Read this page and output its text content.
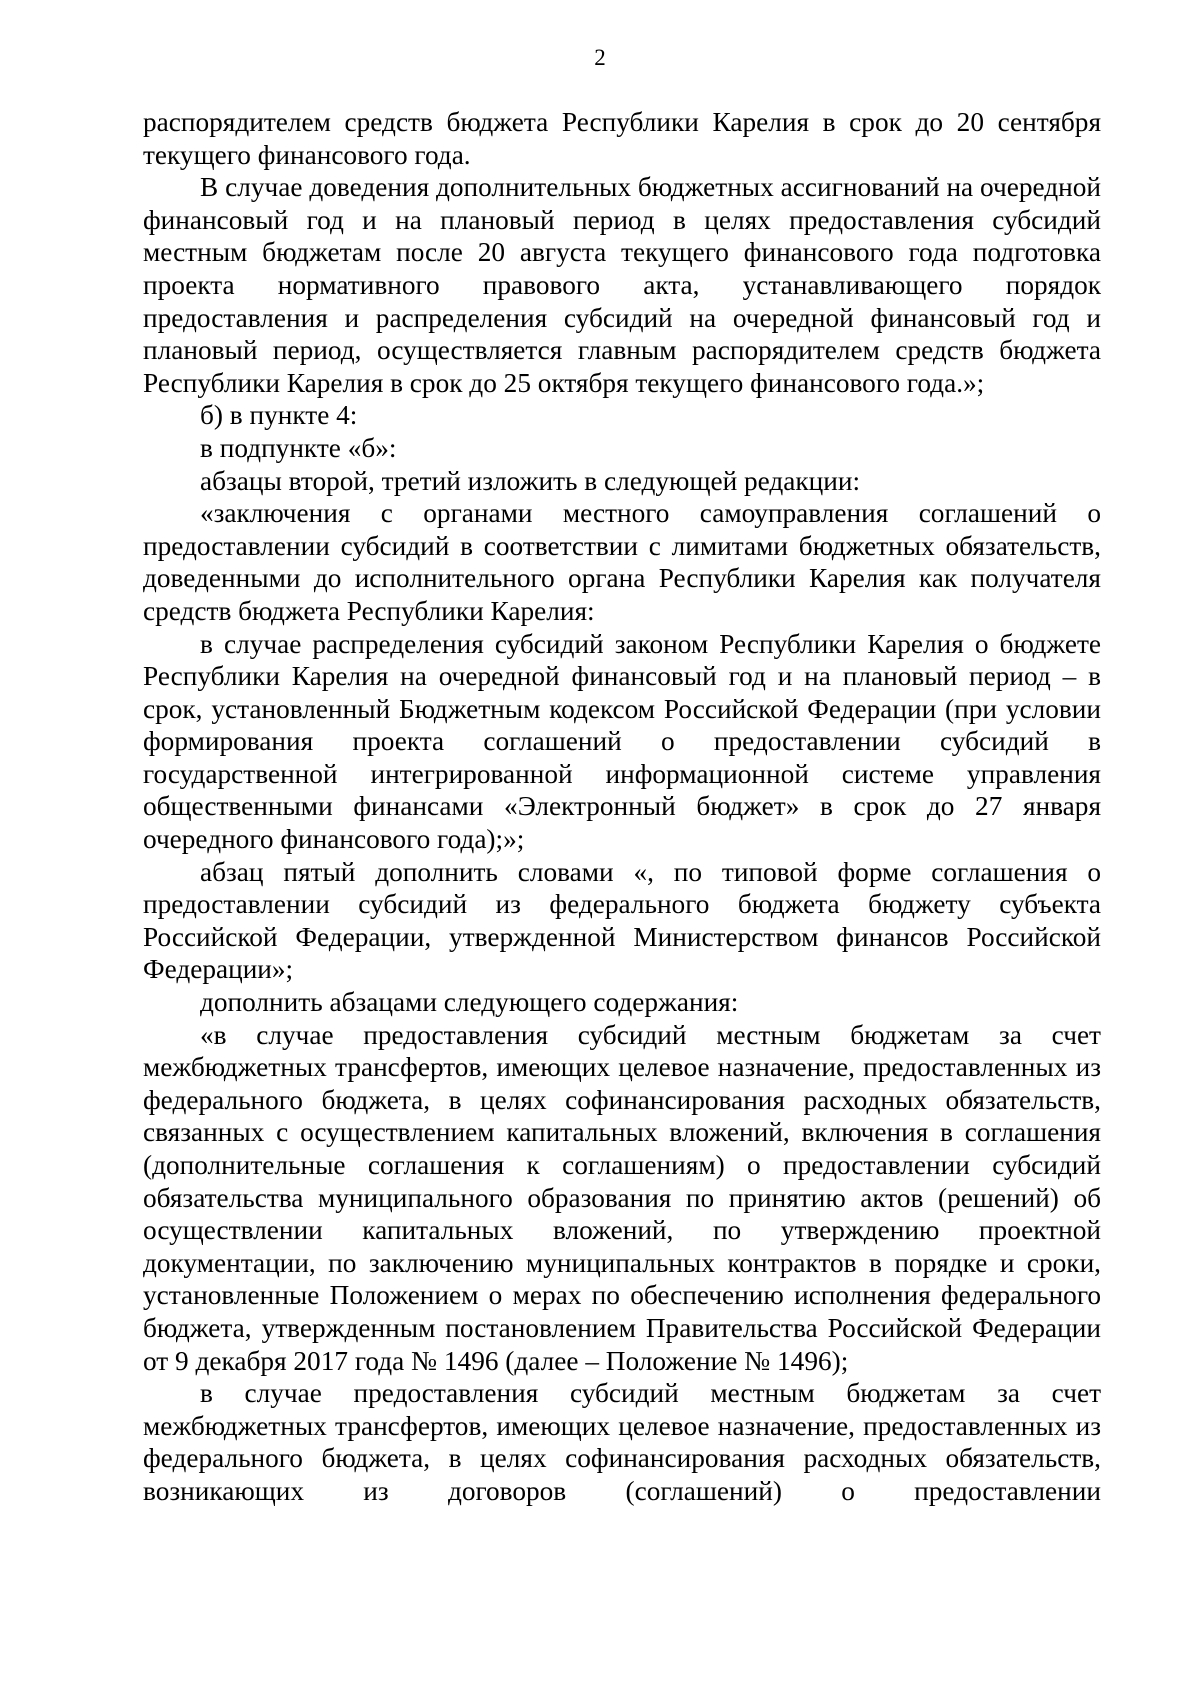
2

распорядителем средств бюджета Республики Карелия в срок до 20 сентября текущего финансового года.

В случае доведения дополнительных бюджетных ассигнований на очередной финансовый год и на плановый период в целях предоставления субсидий местным бюджетам после 20 августа текущего финансового года подготовка проекта нормативного правового акта, устанавливающего порядок предоставления и распределения субсидий на очередной финансовый год и плановый период, осуществляется главным распорядителем средств бюджета Республики Карелия в срок до 25 октября текущего финансового года.»;

б) в пункте 4:

в подпункте «б»:

абзацы второй, третий изложить в следующей редакции:

«заключения с органами местного самоуправления соглашений о предоставлении субсидий в соответствии с лимитами бюджетных обязательств, доведенными до исполнительного органа Республики Карелия как получателя средств бюджета Республики Карелия:

в случае распределения субсидий законом Республики Карелия о бюджете Республики Карелия на очередной финансовый год и на плановый период – в срок, установленный Бюджетным кодексом Российской Федерации (при условии формирования проекта соглашений о предоставлении субсидий в государственной интегрированной информационной системе управления общественными финансами «Электронный бюджет» в срок до 27 января очередного финансового года);»;

абзац пятый дополнить словами «, по типовой форме соглашения о предоставлении субсидий из федерального бюджета бюджету субъекта Российской Федерации, утвержденной Министерством финансов Российской Федерации»;

дополнить абзацами следующего содержания:

«в случае предоставления субсидий местным бюджетам за счет межбюджетных трансфертов, имеющих целевое назначение, предоставленных из федерального бюджета, в целях софинансирования расходных обязательств, связанных с осуществлением капитальных вложений, включения в соглашения (дополнительные соглашения к соглашениям) о предоставлении субсидий обязательства муниципального образования по принятию актов (решений) об осуществлении капитальных вложений, по утверждению проектной документации, по заключению муниципальных контрактов в порядке и сроки, установленные Положением о мерах по обеспечению исполнения федерального бюджета, утвержденным постановлением Правительства Российской Федерации от 9 декабря 2017 года № 1496 (далее – Положение № 1496);

в случае предоставления субсидий местным бюджетам за счет межбюджетных трансфертов, имеющих целевое назначение, предоставленных из федерального бюджета, в целях софинансирования расходных обязательств, возникающих из договоров (соглашений) о предоставлении
